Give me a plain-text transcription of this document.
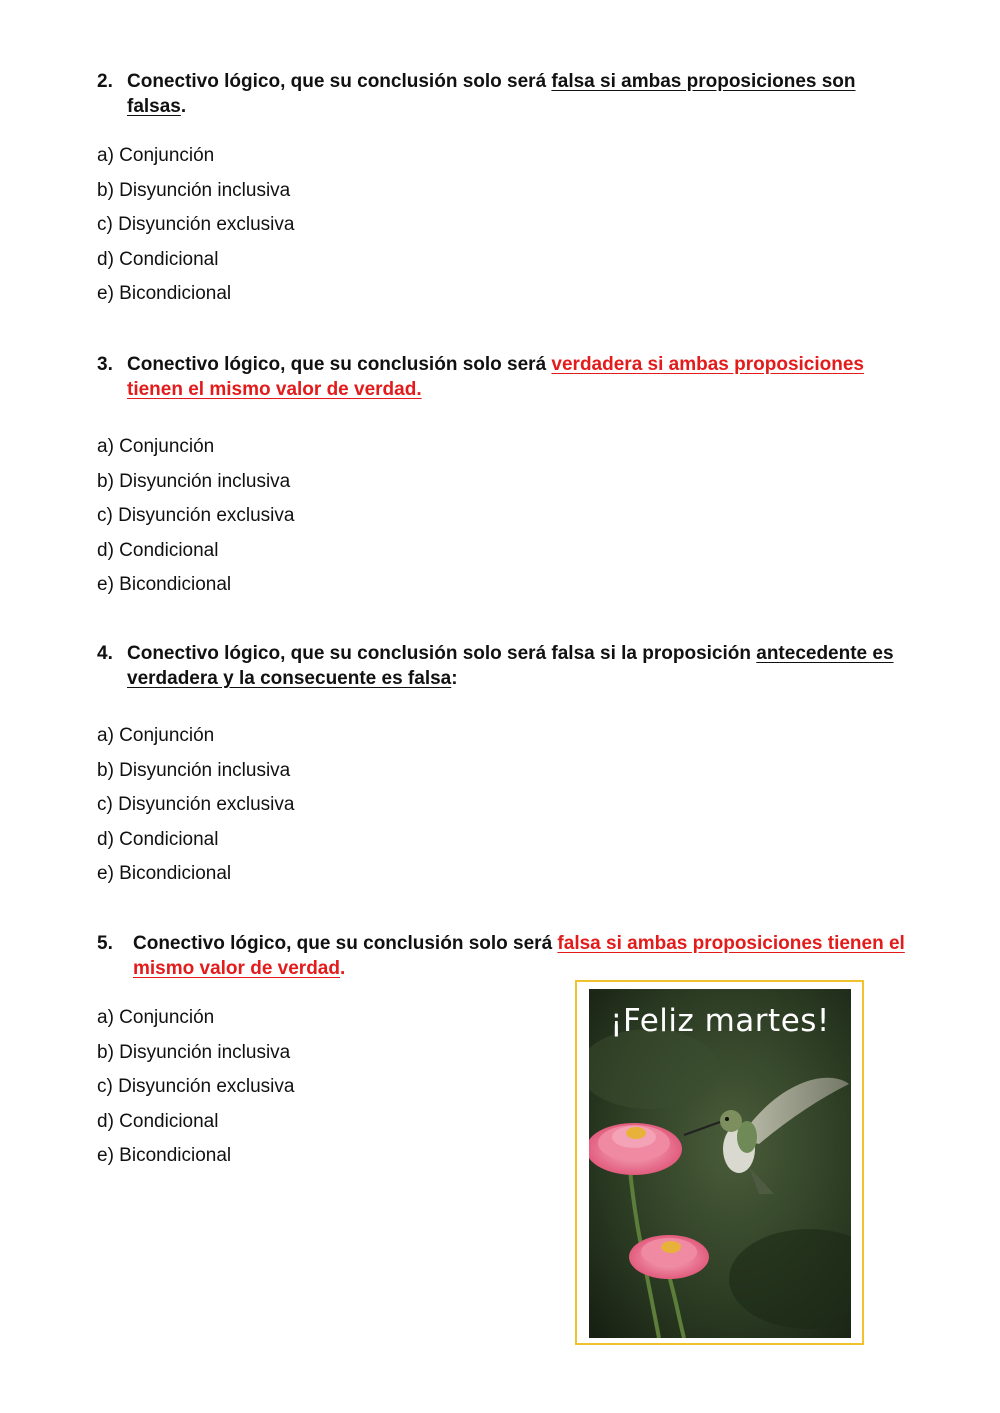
2. Conectivo lógico, que su conclusión solo será falsa si ambas proposiciones son falsas.
a) Conjunción
b) Disyunción inclusiva
c) Disyunción exclusiva
d) Condicional
e) Bicondicional
3. Conectivo lógico, que su conclusión solo será verdadera si ambas proposiciones tienen el mismo valor de verdad.
a) Conjunción
b) Disyunción inclusiva
c) Disyunción exclusiva
d) Condicional
e) Bicondicional
4. Conectivo lógico, que su conclusión solo será falsa si la proposición antecedente es verdadera y la consecuente es falsa:
a) Conjunción
b) Disyunción inclusiva
c) Disyunción exclusiva
d) Condicional
e) Bicondicional
5. Conectivo lógico, que su conclusión solo será falsa si ambas proposiciones tienen el mismo valor de verdad.
a) Conjunción
b) Disyunción inclusiva
c) Disyunción exclusiva
d) Condicional
e) Bicondicional
¡Feliz martes!
